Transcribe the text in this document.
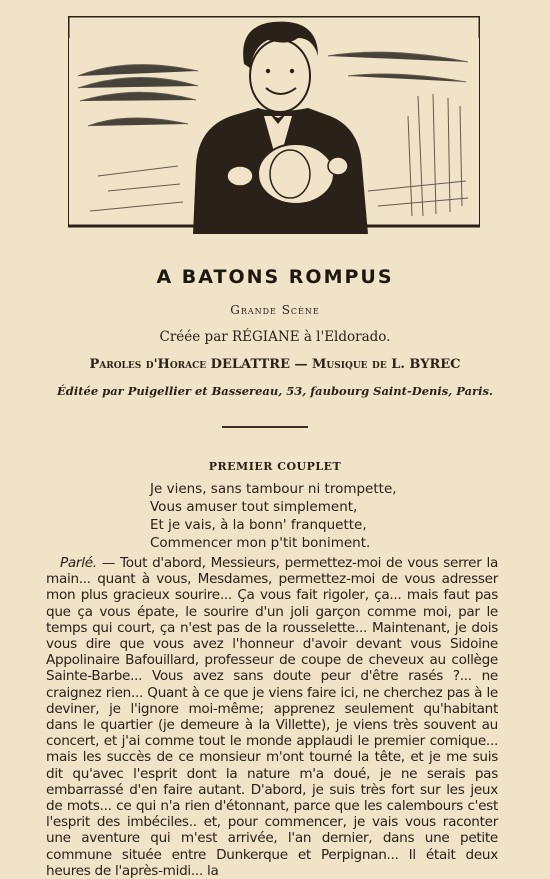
A BATONS ROMPUS
Grande Scène
Créée par RÉGIANE à l'Eldorado.
Paroles d'Horace DELATTRE — Musique de L. BYREC
Éditée par Puigellier et Bassereau, 53, faubourg Saint-Denis, Paris.
PREMIER COUPLET
Je viens, sans tambour ni trompette,
Vous amuser tout simplement,
Et je vais, à la bonn' franquette,
Commencer mon p'tit boniment.
Parlé. — Tout d'abord, Messieurs, permettez-moi de vous serrer la main... quant à vous, Mesdames, permettez-moi de vous adresser mon plus gracieux sourire... Ça vous fait rigoler, ça... mais faut pas que ça vous épate, le sourire d'un joli garçon comme moi, par le temps qui court, ça n'est pas de la rousselette... Maintenant, je dois vous dire que vous avez l'honneur d'avoir devant vous Sidoine Appolinaire Bafouillard, professeur de coupe de cheveux au collège Sainte-Barbe... Vous avez sans doute peur d'être rasés ?... ne craignez rien... Quant à ce que je viens faire ici, ne cherchez pas à le deviner, je l'ignore moi-même; apprenez seulement qu'habitant dans le quartier (je demeure à la Villette), je viens très souvent au concert, et j'ai comme tout le monde applaudi le premier comique... mais les succès de ce monsieur m'ont tourné la tête, et je me suis dit qu'avec l'esprit dont la nature m'a doué, je ne serais pas embarrassé d'en faire autant. D'abord, je suis très fort sur les jeux de mots... ce qui n'a rien d'étonnant, parce que les calembours c'est l'esprit des imbéciles.. et, pour commencer, je vais vous raconter une aventure qui m'est arrivée, l'an dernier, dans une petite commune située entre Dunkerque et Perpignan... Il était deux heures de l'après-midi... la
